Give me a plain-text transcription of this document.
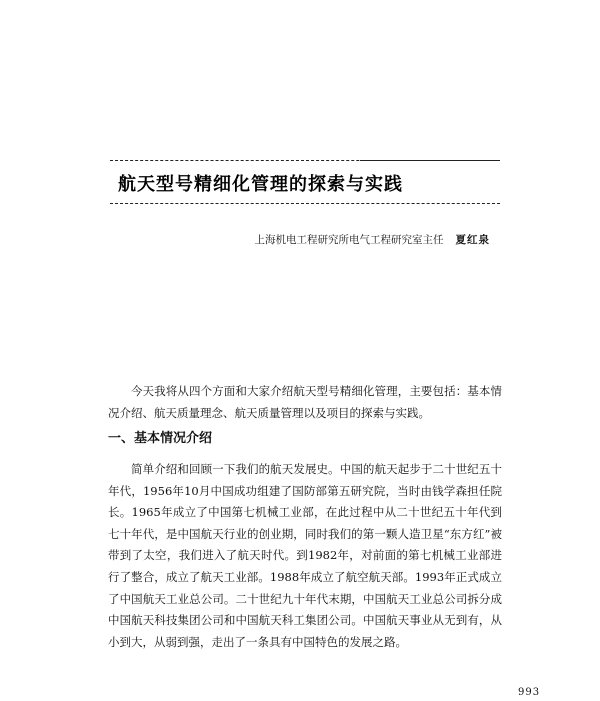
航天型号精细化管理的探索与实践
上海机电工程研究所电气工程研究室主任 夏红泉

今天我将从四个方面和大家介绍航天型号精细化管理，主要包括：基本情况介绍、航天质量理念、航天质量管理以及项目的探索与实践。

一、基本情况介绍

简单介绍和回顾一下我们的航天发展史。中国的航天起步于二十世纪五十年代，1956年10月中国成功组建了国防部第五研究院，当时由钱学森担任院长。1965年成立了中国第七机械工业部，在此过程中从二十世纪五十年代到七十年代，是中国航天行业的创业期，同时我们的第一颗人造卫星“东方红”被带到了太空，我们进入了航天时代。到1982年，对前面的第七机械工业部进行了整合，成立了航天工业部。1988年成立了航空航天部。1993年正式成立了中国航天工业总公司。二十世纪九十年代末期，中国航天工业总公司拆分成中国航天科技集团公司和中国航天科工集团公司。中国航天事业从无到有，从小到大，从弱到强，走出了一条具有中国特色的发展之路。

993
